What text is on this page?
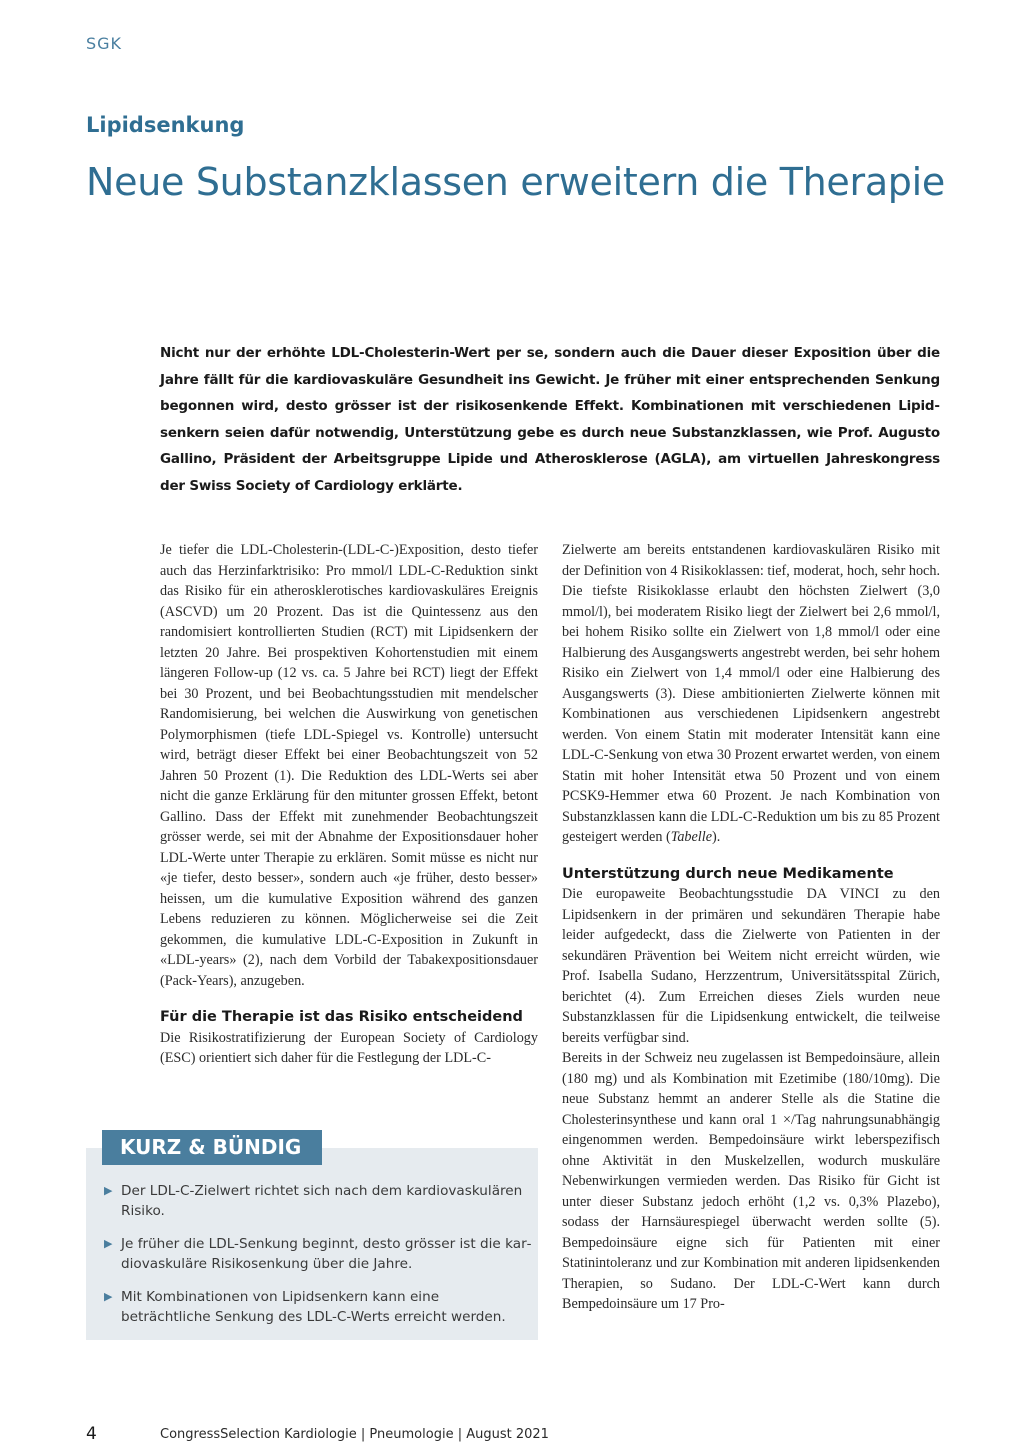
SGK
Lipidsenkung
Neue Substanzklassen erweitern die Therapie
Nicht nur der erhöhte LDL-Cholesterin-Wert per se, sondern auch die Dauer dieser Exposition über die Jahre fällt für die kardiovaskuläre Gesundheit ins Gewicht. Je früher mit einer entsprechenden Senkung begonnen wird, desto grösser ist der risikosenkende Effekt. Kombinationen mit verschiedenen Lipidsenkern seien dafür notwendig, Unterstützung gebe es durch neue Substanzklassen, wie Prof. Augusto Gallino, Präsident der Arbeitsgruppe Lipide und Atherosklerose (AGLA), am virtuellen Jahreskongress der Swiss Society of Cardiology erklärte.

Je tiefer die LDL-Cholesterin-(LDL-C-)Exposition, desto tiefer auch das Herzinfarktrisiko: Pro mmol/l LDL-C-Reduktion sinkt das Risiko für ein atherosklerotisches kardiovaskuläres Ereignis (ASCVD) um 20 Prozent. Das ist die Quintessenz aus den randomisiert kontrollierten Studien (RCT) mit Lipidsenkern der letzten 20 Jahre. Bei prospektiven Kohortenstudien mit einem längeren Follow-up (12 vs. ca. 5 Jahre bei RCT) liegt der Effekt bei 30 Prozent, und bei Beobachtungsstudien mit mendelscher Randomisierung, bei welchen die Auswirkung von genetischen Polymorphismen (tiefe LDL-Spiegel vs. Kontrolle) untersucht wird, beträgt dieser Effekt bei einer Beobachtungszeit von 52 Jahren 50 Prozent (1). Die Reduktion des LDL-Werts sei aber nicht die ganze Erklärung für den mitunter grossen Effekt, betont Gallino. Dass der Effekt mit zunehmender Beobachtungszeit grösser werde, sei mit der Abnahme der Expositionsdauer hoher LDL-Werte unter Therapie zu erklären. Somit müsse es nicht nur «je tiefer, desto besser», sondern auch «je früher, desto besser» heissen, um die kumulative Exposition während des ganzen Lebens reduzieren zu können. Möglicherweise sei die Zeit gekommen, die kumulative LDL-C-Exposition in Zukunft in «LDL-years» (2), nach dem Vorbild der Tabakexpositionsdauer (Pack-Years), anzugeben.

Für die Therapie ist das Risiko entscheidend

Die Risikostratifizierung der European Society of Cardiology (ESC) orientiert sich daher für die Festlegung der LDL-C-

Zielwerte am bereits entstandenen kardiovaskulären Risiko mit der Definition von 4 Risikoklassen: tief, moderat, hoch, sehr hoch. Die tiefste Risikoklasse erlaubt den höchsten Zielwert (3,0 mmol/l), bei moderatem Risiko liegt der Zielwert bei 2,6 mmol/l, bei hohem Risiko sollte ein Zielwert von 1,8 mmol/l oder eine Halbierung des Ausgangswerts angestrebt werden, bei sehr hohem Risiko ein Zielwert von 1,4 mmol/l oder eine Halbierung des Ausgangswerts (3). Diese ambitionierten Zielwerte können mit Kombinationen aus verschiedenen Lipidsenkern angestrebt werden. Von einem Statin mit moderater Intensität kann eine LDL-C-Senkung von etwa 30 Prozent erwartet werden, von einem Statin mit hoher Intensität etwa 50 Prozent und von einem PCSK9-Hemmer etwa 60 Prozent. Je nach Kombination von Substanzklassen kann die LDL-C-Reduktion um bis zu 85 Prozent gesteigert werden (Tabelle).

Unterstützung durch neue Medikamente

Die europaweite Beobachtungsstudie DA VINCI zu den Lipidsenkern in der primären und sekundären Therapie habe leider aufgedeckt, dass die Zielwerte von Patienten in der sekundären Prävention bei Weitem nicht erreicht würden, wie Prof. Isabella Sudano, Herzzentrum, Universitätsspital Zürich, berichtet (4). Zum Erreichen dieses Ziels wurden neue Substanzklassen für die Lipidsenkung entwickelt, die teilweise bereits verfügbar sind.

Bereits in der Schweiz neu zugelassen ist Bempedoinsäure, allein (180 mg) und als Kombination mit Ezetimibe (180/10mg). Die neue Substanz hemmt an anderer Stelle als die Statine die Cholesterinsynthese und kann oral 1 ×/Tag nahrungsunabhängig eingenommen werden. Bempedoinsäure wirkt leberspezifisch ohne Aktivität in den Muskelzellen, wodurch muskuläre Nebenwirkungen vermieden werden. Das Risiko für Gicht ist unter dieser Substanz jedoch erhöht (1,2 vs. 0,3% Plazebo), sodass der Harnsäurespiegel überwacht werden sollte (5). Bempedoinsäure eigne sich für Patienten mit einer Statinintoleranz und zur Kombination mit anderen lipidsenkenden Therapien, so Sudano. Der LDL-C-Wert kann durch Bempedoinsäure um 17 Pro-

KURZ & BÜNDIG
▶ Der LDL-C-Zielwert richtet sich nach dem kardiovaskulären Risiko.
▶ Je früher die LDL-Senkung beginnt, desto grösser ist die kardiovaskuläre Risikosenkung über die Jahre.
▶ Mit Kombinationen von Lipidsenkern kann eine beträchtliche Senkung des LDL-C-Werts erreicht werden.
4	CongressSelection Kardiologie | Pneumologie | August 2021
